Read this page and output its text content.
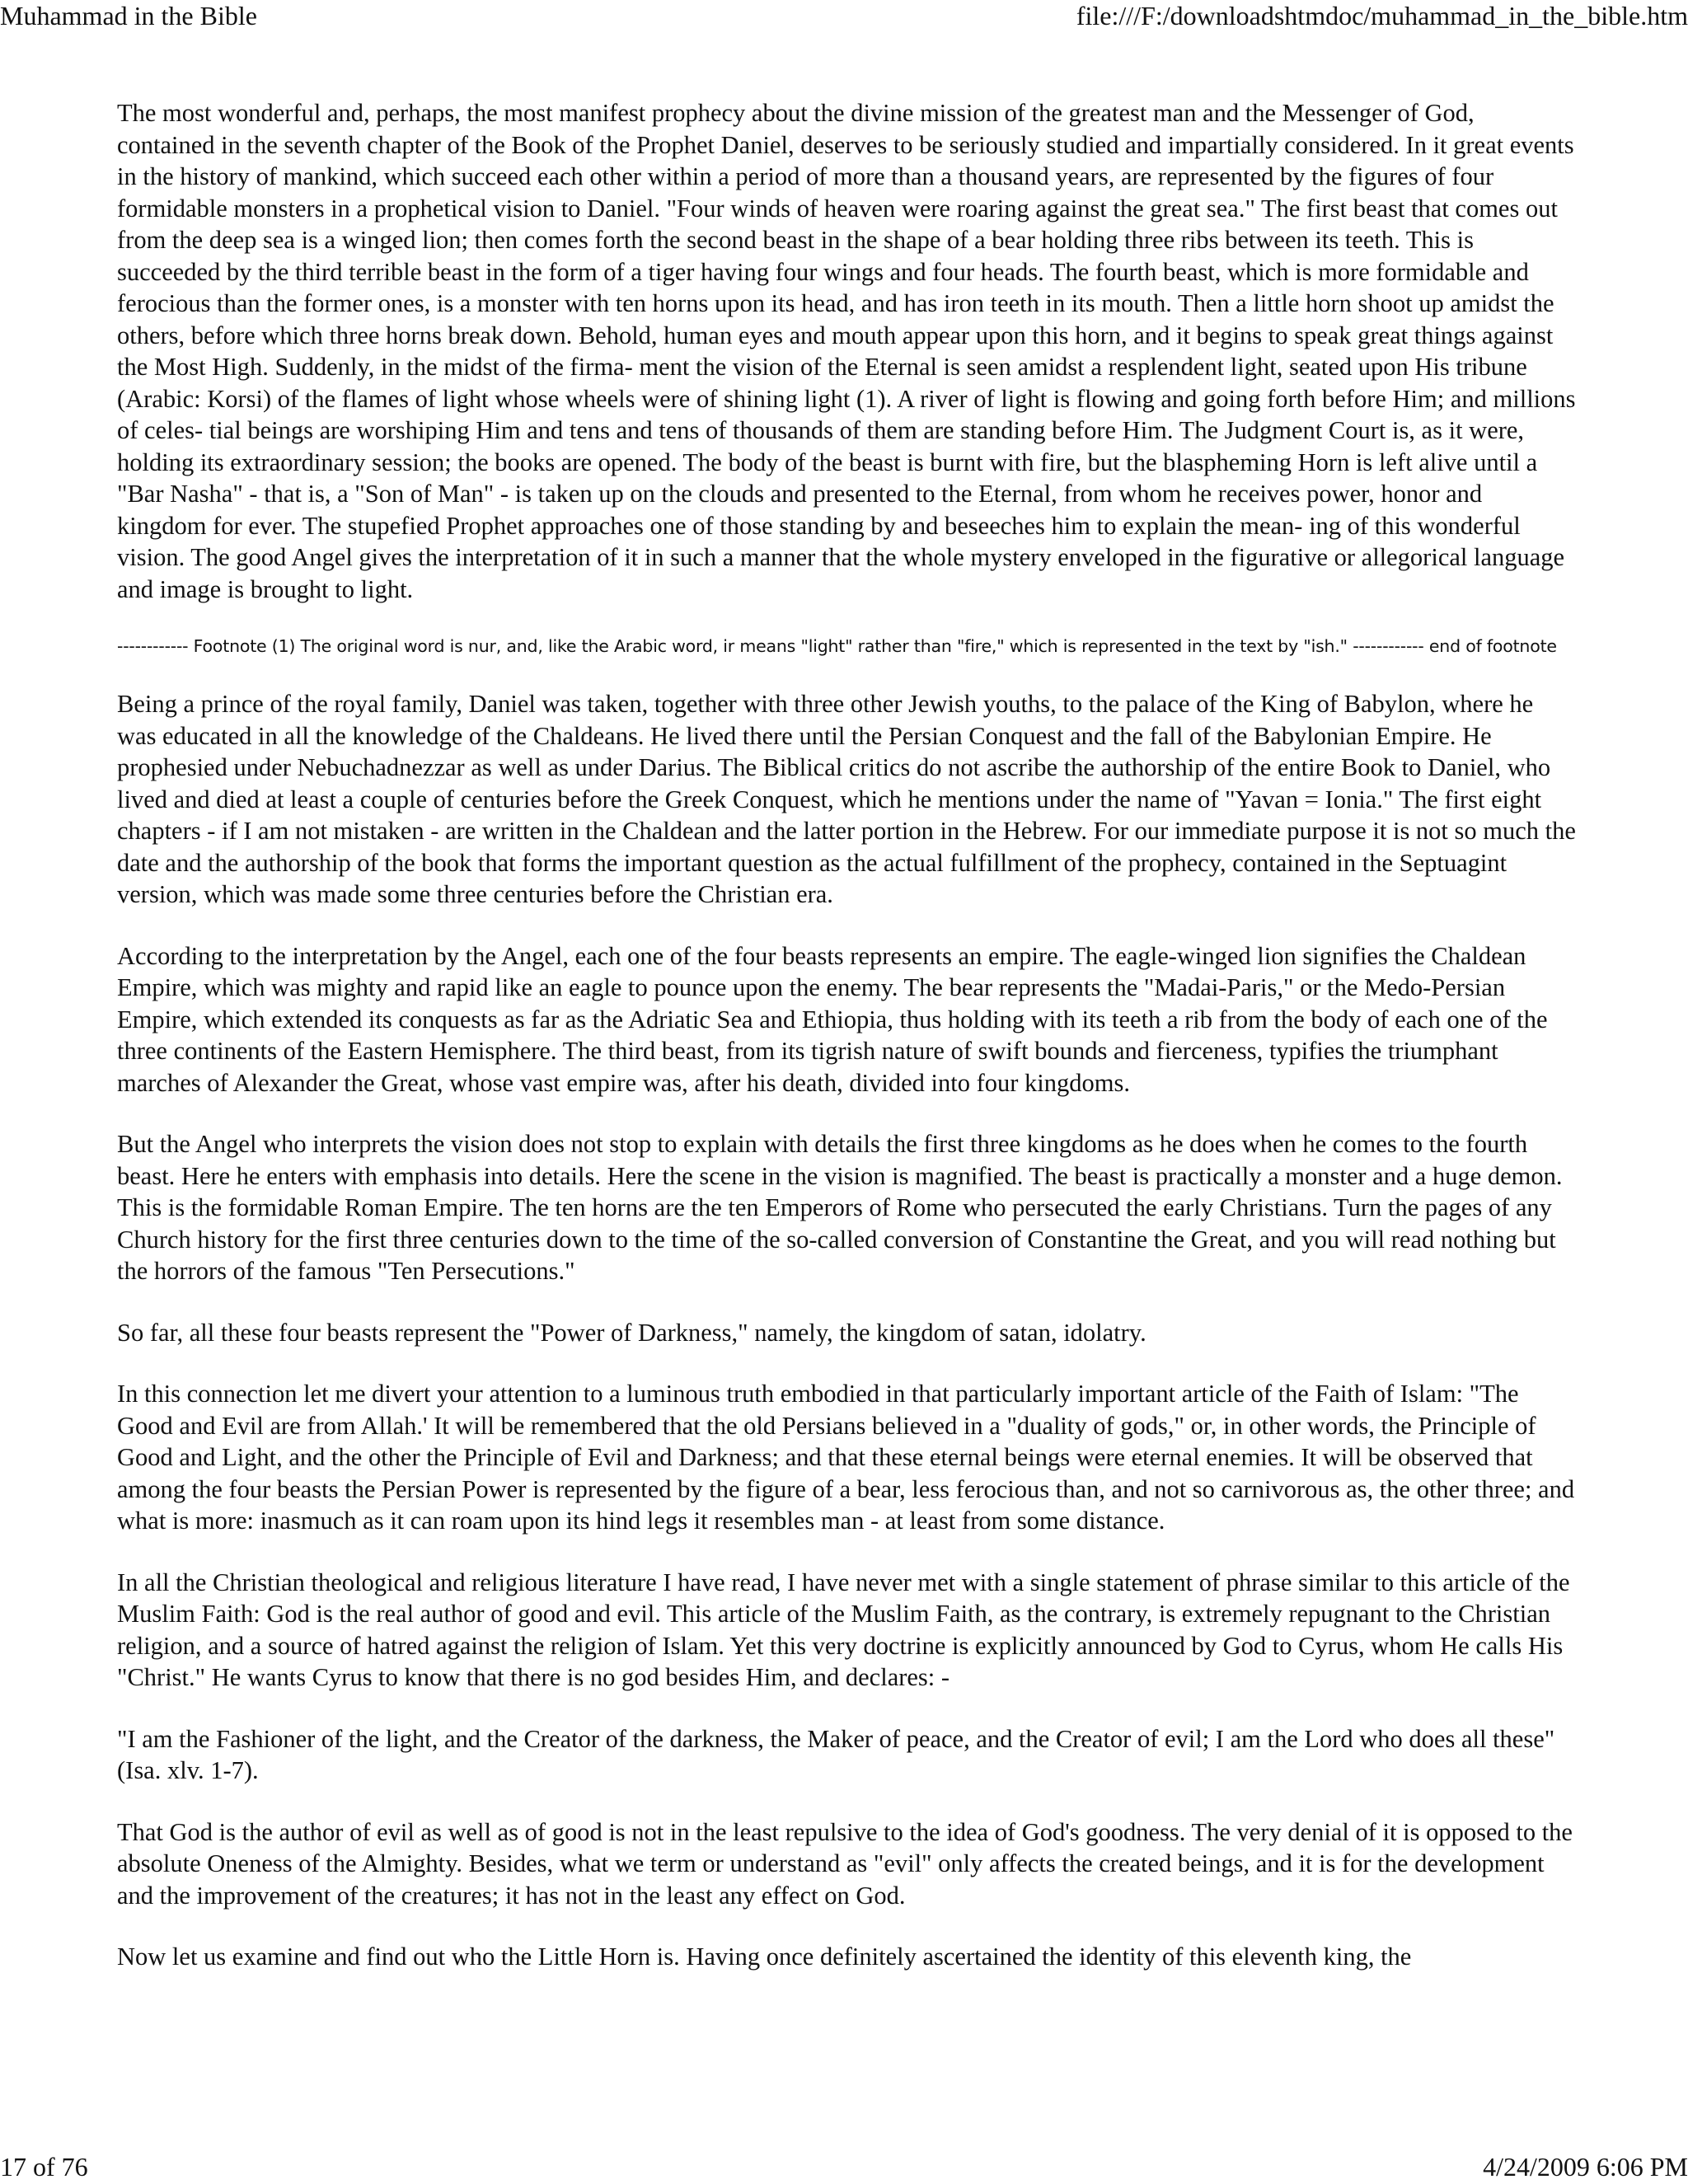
Muhammad in the Bible	file:///F:/downloadshtmdoc/muhammad_in_the_bible.htm

The most wonderful and, perhaps, the most manifest prophecy about the divine mission of the greatest man and the Messenger of God, contained in the seventh chapter of the Book of the Prophet Daniel, deserves to be seriously studied and impartially considered. In it great events in the history of mankind, which succeed each other within a period of more than a thousand years, are represented by the figures of four formidable monsters in a prophetical vision to Daniel. "Four winds of heaven were roaring against the great sea." The first beast that comes out from the deep sea is a winged lion; then comes forth the second beast in the shape of a bear holding three ribs between its teeth. This is succeeded by the third terrible beast in the form of a tiger having four wings and four heads. The fourth beast, which is more formidable and ferocious than the former ones, is a monster with ten horns upon its head, and has iron teeth in its mouth. Then a little horn shoot up amidst the others, before which three horns break down. Behold, human eyes and mouth appear upon this horn, and it begins to speak great things against the Most High. Suddenly, in the midst of the firma- ment the vision of the Eternal is seen amidst a resplendent light, seated upon His tribune (Arabic: Korsi) of the flames of light whose wheels were of shining light (1). A river of light is flowing and going forth before Him; and millions of celes- tial beings are worshiping Him and tens and tens of thousands of them are standing before Him. The Judgment Court is, as it were, holding its extraordinary session; the books are opened. The body of the beast is burnt with fire, but the blaspheming Horn is left alive until a "Bar Nasha" - that is, a "Son of Man" - is taken up on the clouds and presented to the Eternal, from whom he receives power, honor and kingdom for ever. The stupefied Prophet approaches one of those standing by and beseeches him to explain the mean- ing of this wonderful vision. The good Angel gives the interpretation of it in such a manner that the whole mystery enveloped in the figurative or allegorical language and image is brought to light.

------------ Footnote (1) The original word is nur, and, like the Arabic word, ir means "light" rather than "fire," which is represented in the text by "ish." ------------ end of footnote

Being a prince of the royal family, Daniel was taken, together with three other Jewish youths, to the palace of the King of Babylon, where he was educated in all the knowledge of the Chaldeans. He lived there until the Persian Conquest and the fall of the Babylonian Empire. He prophesied under Nebuchadnezzar as well as under Darius. The Biblical critics do not ascribe the authorship of the entire Book to Daniel, who lived and died at least a couple of centuries before the Greek Conquest, which he mentions under the name of "Yavan = Ionia." The first eight chapters - if I am not mistaken - are written in the Chaldean and the latter portion in the Hebrew. For our immediate purpose it is not so much the date and the authorship of the book that forms the important question as the actual fulfillment of the prophecy, contained in the Septuagint version, which was made some three centuries before the Christian era.

According to the interpretation by the Angel, each one of the four beasts represents an empire. The eagle-winged lion signifies the Chaldean Empire, which was mighty and rapid like an eagle to pounce upon the enemy. The bear represents the "Madai-Paris," or the Medo-Persian Empire, which extended its conquests as far as the Adriatic Sea and Ethiopia, thus holding with its teeth a rib from the body of each one of the three continents of the Eastern Hemisphere. The third beast, from its tigrish nature of swift bounds and fierceness, typifies the triumphant marches of Alexander the Great, whose vast empire was, after his death, divided into four kingdoms.

But the Angel who interprets the vision does not stop to explain with details the first three kingdoms as he does when he comes to the fourth beast. Here he enters with emphasis into details. Here the scene in the vision is magnified. The beast is practically a monster and a huge demon. This is the formidable Roman Empire. The ten horns are the ten Emperors of Rome who persecuted the early Christians. Turn the pages of any Church history for the first three centuries down to the time of the so-called conversion of Constantine the Great, and you will read nothing but the horrors of the famous "Ten Persecutions."

So far, all these four beasts represent the "Power of Darkness," namely, the kingdom of satan, idolatry.

In this connection let me divert your attention to a luminous truth embodied in that particularly important article of the Faith of Islam: "The Good and Evil are from Allah.' It will be remembered that the old Persians believed in a "duality of gods," or, in other words, the Principle of Good and Light, and the other the Principle of Evil and Darkness; and that these eternal beings were eternal enemies. It will be observed that among the four beasts the Persian Power is represented by the figure of a bear, less ferocious than, and not so carnivorous as, the other three; and what is more: inasmuch as it can roam upon its hind legs it resembles man - at least from some distance.

In all the Christian theological and religious literature I have read, I have never met with a single statement of phrase similar to this article of the Muslim Faith: God is the real author of good and evil. This article of the Muslim Faith, as the contrary, is extremely repugnant to the Christian religion, and a source of hatred against the religion of Islam. Yet this very doctrine is explicitly announced by God to Cyrus, whom He calls His "Christ." He wants Cyrus to know that there is no god besides Him, and declares: -

"I am the Fashioner of the light, and the Creator of the darkness, the Maker of peace, and the Creator of evil; I am the Lord who does all these" (Isa. xlv. 1-7).

That God is the author of evil as well as of good is not in the least repulsive to the idea of God's goodness. The very denial of it is opposed to the absolute Oneness of the Almighty. Besides, what we term or understand as "evil" only affects the created beings, and it is for the development and the improvement of the creatures; it has not in the least any effect on God.

Now let us examine and find out who the Little Horn is. Having once definitely ascertained the identity of this eleventh king, the

17 of 76	4/24/2009 6:06 PM
